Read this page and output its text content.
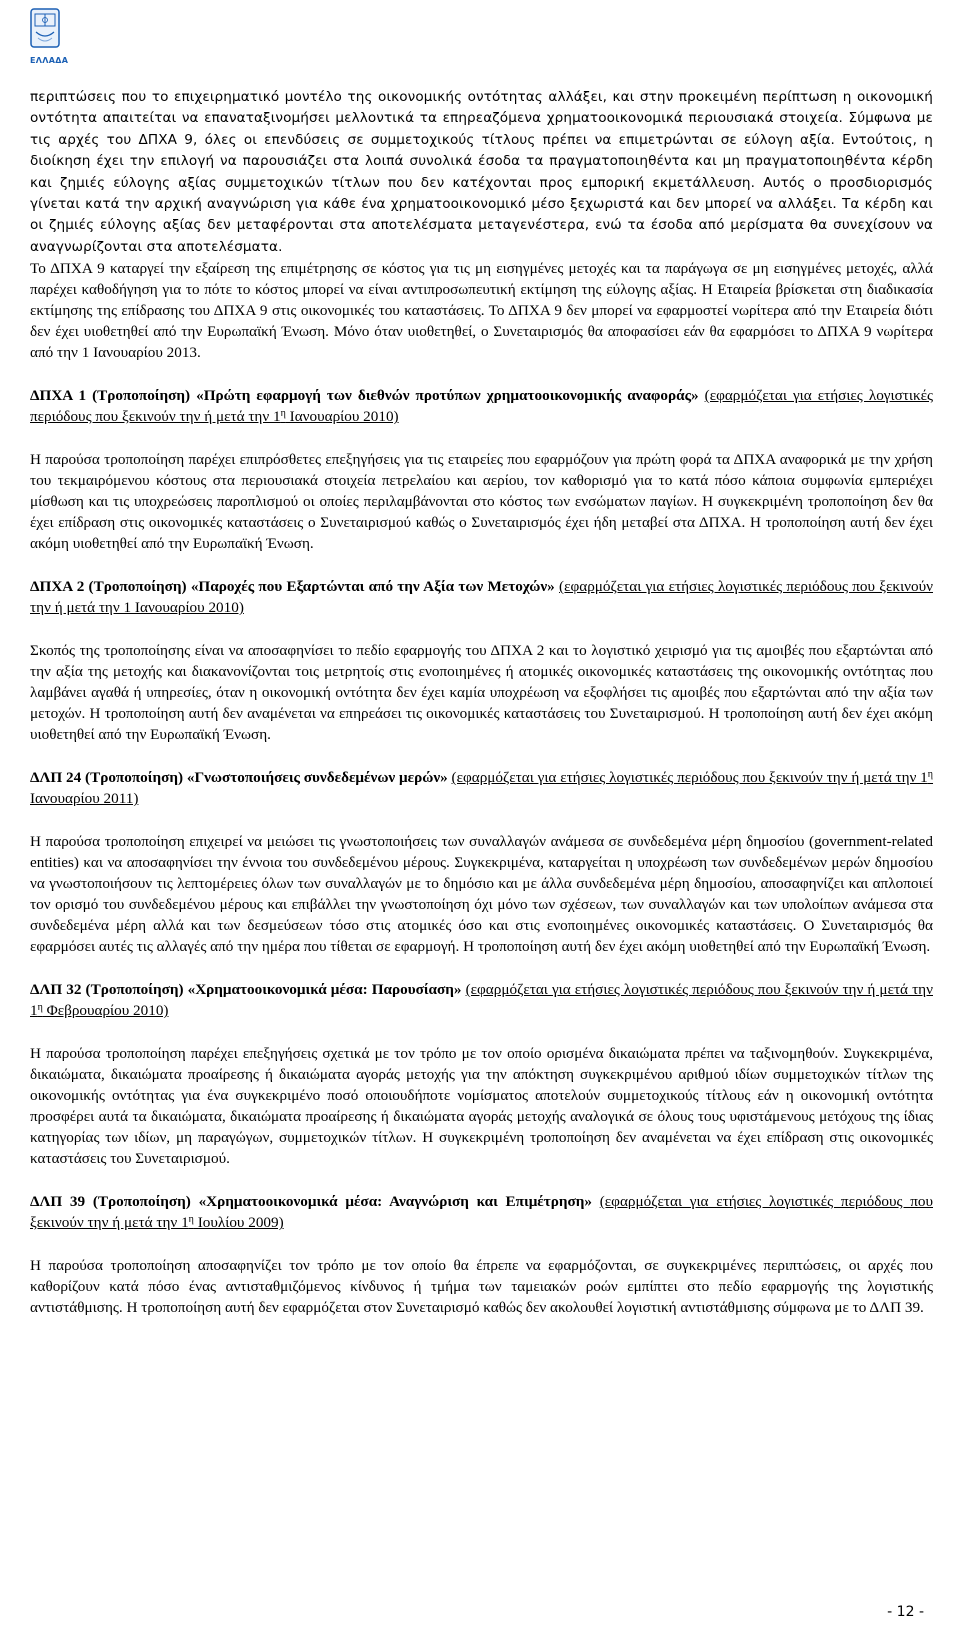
ΕΛΛΑΔΑ

περιπτώσεις που το επιχειρηματικό μοντέλο της οικονομικής οντότητας αλλάξει, και στην προκειμένη περίπτωση η οικονομική οντότητα απαιτείται να επαναταξινομήσει μελλοντικά τα επηρεαζόμενα χρηματοοικονομικά περιουσιακά στοιχεία. Σύμφωνα με τις αρχές του ΔΠΧΑ 9, όλες οι επενδύσεις σε συμμετοχικούς τίτλους πρέπει να επιμετρώνται σε εύλογη αξία. Εντούτοις, η διοίκηση έχει την επιλογή να παρουσιάζει στα λοιπά συνολικά έσοδα τα πραγματοποιηθέντα και μη πραγματοποιηθέντα κέρδη και ζημιές εύλογης αξίας συμμετοχικών τίτλων που δεν κατέχονται προς εμπορική εκμετάλλευση. Αυτός ο προσδιορισμός γίνεται κατά την αρχική αναγνώριση για κάθε ένα χρηματοοικονομικό μέσο ξεχωριστά και δεν μπορεί να αλλάξει. Τα κέρδη και οι ζημιές εύλογης αξίας δεν μεταφέρονται στα αποτελέσματα μεταγενέστερα, ενώ τα έσοδα από μερίσματα θα συνεχίσουν να αναγνωρίζονται στα αποτελέσματα.

Το ΔΠΧΑ 9 καταργεί την εξαίρεση της επιμέτρησης σε κόστος για τις μη εισηγμένες μετοχές και τα παράγωγα σε μη εισηγμένες μετοχές, αλλά παρέχει καθοδήγηση για το πότε το κόστος μπορεί να είναι αντιπροσωπευτική εκτίμηση της εύλογης αξίας. Η Εταιρεία βρίσκεται στη διαδικασία εκτίμησης της επίδρασης του ΔΠΧΑ 9 στις οικονομικές του καταστάσεις. Το ΔΠΧΑ 9 δεν μπορεί να εφαρμοστεί νωρίτερα από την Εταιρεία διότι δεν έχει υιοθετηθεί από την Ευρωπαϊκή Ένωση. Μόνο όταν υιοθετηθεί, ο Συνεταιρισμός θα αποφασίσει εάν θα εφαρμόσει το ΔΠΧΑ 9 νωρίτερα από την 1 Ιανουαρίου 2013.

ΔΠΧΑ 1 (Τροποποίηση) «Πρώτη εφαρμογή των διεθνών προτύπων χρηματοοικονομικής αναφοράς» (εφαρμόζεται για ετήσιες λογιστικές περιόδους που ξεκινούν την ή μετά την $1^\eta$ Ιανουαρίου 2010)

Η παρούσα τροποποίηση παρέχει επιπρόσθετες επεξηγήσεις για τις εταιρείες που εφαρμόζουν για πρώτη φορά τα ΔΠΧΑ αναφορικά με την χρήση του τεκμαιρόμενου κόστους στα περιουσιακά στοιχεία πετρελαίου και αερίου, τον καθορισμό για το κατά πόσο κάποια συμφωνία εμπεριέχει μίσθωση και τις υποχρεώσεις παροπλισμού οι οποίες περιλαμβάνονται στο κόστος των ενσώματων παγίων. Η συγκεκριμένη τροποποίηση δεν θα έχει επίδραση στις οικονομικές καταστάσεις ο Συνεταιρισμού καθώς ο Συνεταιρισμός έχει ήδη μεταβεί στα ΔΠΧΑ. Η τροποποίηση αυτή δεν έχει ακόμη υιοθετηθεί από την Ευρωπαϊκή Ένωση.

ΔΠΧΑ 2 (Τροποποίηση) «Παροχές που Εξαρτώνται από την Αξία των Μετοχών» (εφαρμόζεται για ετήσιες λογιστικές περιόδους που ξεκινούν την ή μετά την 1 Ιανουαρίου 2010)

Σκοπός της τροποποίησης είναι να αποσαφηνίσει το πεδίο εφαρμογής του ΔΠΧΑ 2 και το λογιστικό χειρισμό για τις αμοιβές που εξαρτώνται από την αξία της μετοχής και διακανονίζονται τοις μετρητοίς στις ενοποιημένες ή ατομικές οικονομικές καταστάσεις της οικονομικής οντότητας που λαμβάνει αγαθά ή υπηρεσίες, όταν η οικονομική οντότητα δεν έχει καμία υποχρέωση να εξοφλήσει τις αμοιβές που εξαρτώνται από την αξία των μετοχών. Η τροποποίηση αυτή δεν αναμένεται να επηρεάσει τις οικονομικές καταστάσεις του Συνεταιρισμού. Η τροποποίηση αυτή δεν έχει ακόμη υιοθετηθεί από την Ευρωπαϊκή Ένωση.

ΔΛΠ 24 (Τροποποίηση) «Γνωστοποιήσεις συνδεδεμένων μερών» (εφαρμόζεται για ετήσιες λογιστικές περιόδους που ξεκινούν την ή μετά την $1^\eta$ Ιανουαρίου 2011)

Η παρούσα τροποποίηση επιχειρεί να μειώσει τις γνωστοποιήσεις των συναλλαγών ανάμεσα σε συνδεδεμένα μέρη δημοσίου (government-related entities) και να αποσαφηνίσει την έννοια του συνδεδεμένου μέρους. Συγκεκριμένα, καταργείται η υποχρέωση των συνδεδεμένων μερών δημοσίου να γνωστοποιήσουν τις λεπτομέρειες όλων των συναλλαγών με το δημόσιο και με άλλα συνδεδεμένα μέρη δημοσίου, αποσαφηνίζει και απλοποιεί τον ορισμό του συνδεδεμένου μέρους και επιβάλλει την γνωστοποίηση όχι μόνο των σχέσεων, των συναλλαγών και των υπολοίπων ανάμεσα στα συνδεδεμένα μέρη αλλά και των δεσμεύσεων τόσο στις ατομικές όσο και στις ενοποιημένες οικονομικές καταστάσεις. Ο Συνεταιρισμός θα εφαρμόσει αυτές τις αλλαγές από την ημέρα που τίθεται σε εφαρμογή. Η τροποποίηση αυτή δεν έχει ακόμη υιοθετηθεί από την Ευρωπαϊκή Ένωση.

ΔΛΠ 32 (Τροποποίηση) «Χρηματοοικονομικά μέσα: Παρουσίαση» (εφαρμόζεται για ετήσιες λογιστικές περιόδους που ξεκινούν την ή μετά την $1^\eta$ Φεβρουαρίου 2010)

Η παρούσα τροποποίηση παρέχει επεξηγήσεις σχετικά με τον τρόπο με τον οποίο ορισμένα δικαιώματα πρέπει να ταξινομηθούν. Συγκεκριμένα, δικαιώματα, δικαιώματα προαίρεσης ή δικαιώματα αγοράς μετοχής για την απόκτηση συγκεκριμένου αριθμού ιδίων συμμετοχικών τίτλων της οικονομικής οντότητας για ένα συγκεκριμένο ποσό οποιουδήποτε νομίσματος αποτελούν συμμετοχικούς τίτλους εάν η οικονομική οντότητα προσφέρει αυτά τα δικαιώματα, δικαιώματα προαίρεσης ή δικαιώματα αγοράς μετοχής αναλογικά σε όλους τους υφιστάμενους μετόχους της ίδιας κατηγορίας των ιδίων, μη παραγώγων, συμμετοχικών τίτλων. Η συγκεκριμένη τροποποίηση δεν αναμένεται να έχει επίδραση στις οικονομικές καταστάσεις του Συνεταιρισμού.

ΔΛΠ 39 (Τροποποίηση) «Χρηματοοικονομικά μέσα: Αναγνώριση και Επιμέτρηση» (εφαρμόζεται για ετήσιες λογιστικές περιόδους που ξεκινούν την ή μετά την $1^\eta$ Ιουλίου 2009)

Η παρούσα τροποποίηση αποσαφηνίζει τον τρόπο με τον οποίο θα έπρεπε να εφαρμόζονται, σε συγκεκριμένες περιπτώσεις, οι αρχές που καθορίζουν κατά πόσο ένας αντισταθμιζόμενος κίνδυνος ή τμήμα των ταμειακών ροών εμπίπτει στο πεδίο εφαρμογής της λογιστικής αντιστάθμισης. Η τροποποίηση αυτή δεν εφαρμόζεται στον Συνεταιρισμό καθώς δεν ακολουθεί λογιστική αντιστάθμισης σύμφωνα με το ΔΛΠ 39.

- 12 -
